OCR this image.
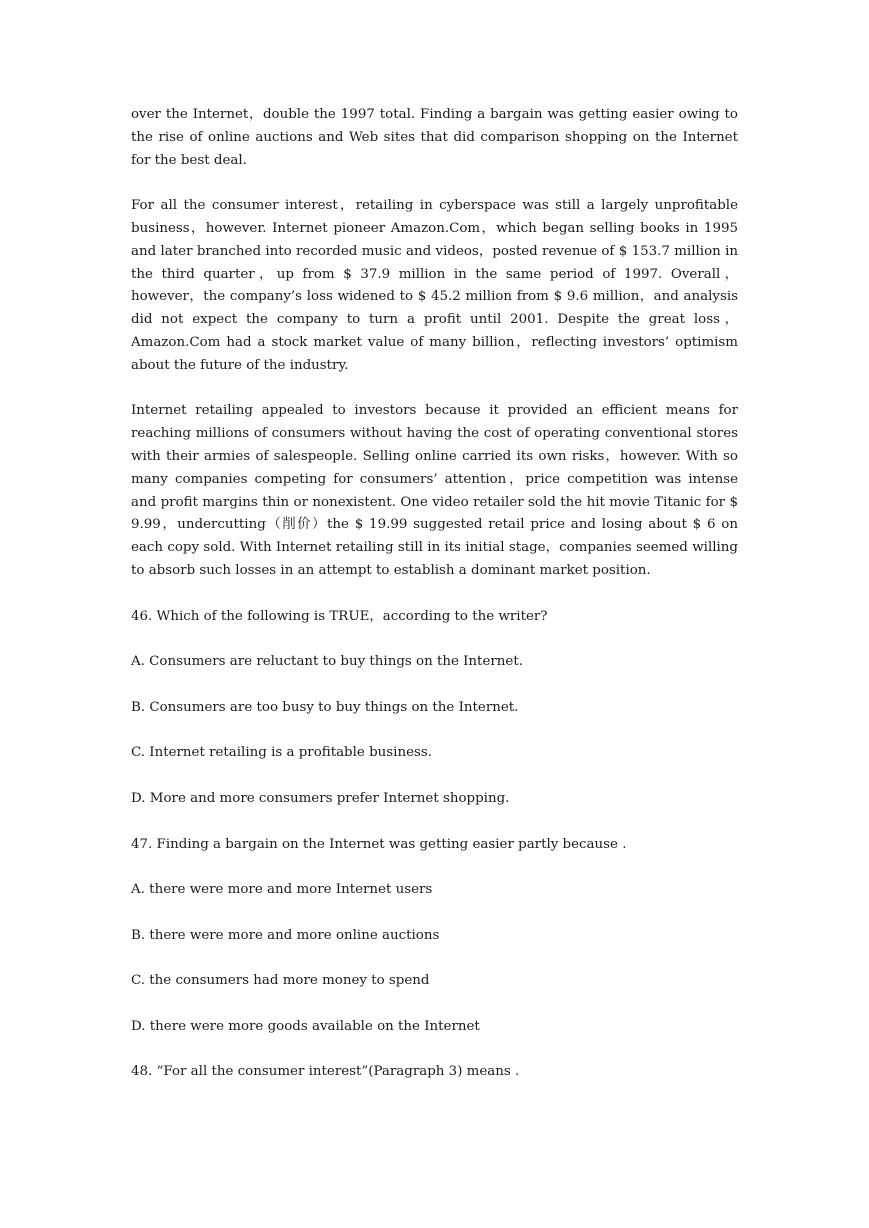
over the Internet，double the 1997 total. Finding a bargain was getting easier owing to the rise of online auctions and Web sites that did comparison shopping on the Internet for the best deal.

For all the consumer interest，retailing in cyberspace was still a largely unprofitable business，however. Internet pioneer Amazon.Com，which began selling books in 1995 and later branched into recorded music and videos，posted revenue of $ 153.7 million in the third quarter，up from $ 37.9 million in the same period of 1997. Overall，however，the company’s loss widened to $ 45.2 million from $ 9.6 million，and analysis did not expect the company to turn a profit until 2001. Despite the great loss，Amazon.Com had a stock market value of many billion，reflecting investors’ optimism about the future of the industry.

Internet retailing appealed to investors because it provided an efficient means for reaching millions of consumers without having the cost of operating conventional stores with their armies of salespeople. Selling online carried its own risks，however. With so many companies competing for consumers’ attention，price competition was intense and profit margins thin or nonexistent. One video retailer sold the hit movie Titanic for $ 9.99，undercutting（削价）the $ 19.99 suggested retail price and losing about $ 6 on each copy sold. With Internet retailing still in its initial stage，companies seemed willing to absorb such losses in an attempt to establish a dominant market position.

46. Which of the following is TRUE，according to the writer?

A. Consumers are reluctant to buy things on the Internet.

B. Consumers are too busy to buy things on the Internet.

C. Internet retailing is a profitable business.

D. More and more consumers prefer Internet shopping.

47. Finding a bargain on the Internet was getting easier partly because .

A. there were more and more Internet users

B. there were more and more online auctions

C. the consumers had more money to spend

D. there were more goods available on the Internet

48. “For all the consumer interest”(Paragraph 3) means .
